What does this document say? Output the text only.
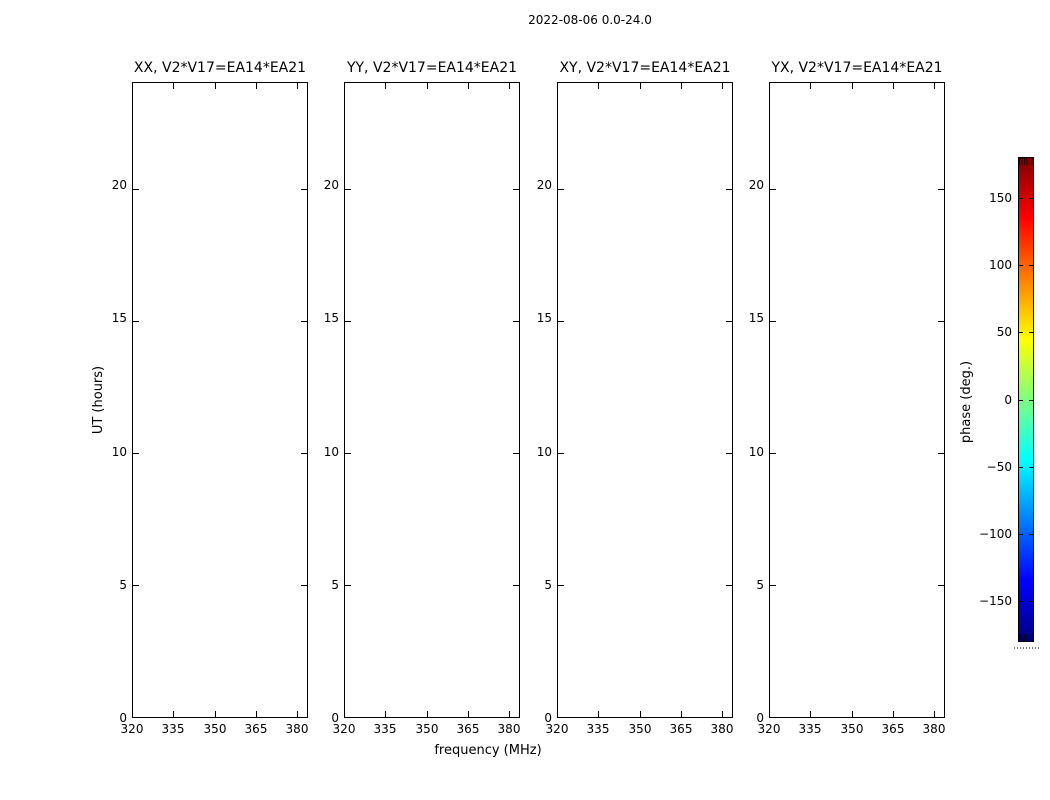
2022-08-06 0.0-24.0
XX, V2*V17=EA14*EA21
20
15
10
5
0
320	335	350	365	380
YY, V2*V17=EA14*EA21
20
15
10
5
0
320	335	350	365	380
XY, V2*V17=EA14*EA21
20
15
10
5
0
320	335	350	365	380
YX, V2*V17=EA14*EA21
20
15
10
5
0
320	335	350	365	380
UT (hours)
frequency (MHz)
150
100
50
0
−50
−100
−150
phase (deg.)
